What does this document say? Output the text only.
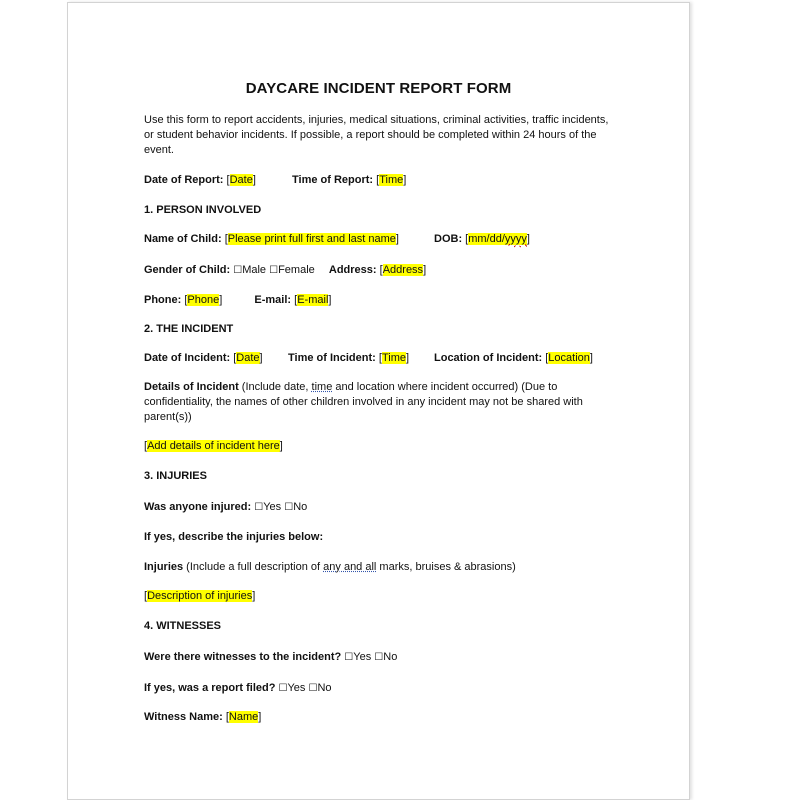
DAYCARE INCIDENT REPORT FORM
Use this form to report accidents, injuries, medical situations, criminal activities, traffic incidents, or student behavior incidents. If possible, a report should be completed within 24 hours of the event.
Date of Report: [Date]	Time of Report: [Time]
1. PERSON INVOLVED
Name of Child: [Please print full first and last name]	DOB: [mm/dd/yyyy]
Gender of Child: ☐Male ☐Female Address: [Address]
Phone: [Phone]	E-mail: [E-mail]
2. THE INCIDENT
Date of Incident: [Date] Time of Incident: [Time] Location of Incident: [Location]
Details of Incident (Include date, time and location where incident occurred) (Due to confidentiality, the names of other children involved in any incident may not be shared with parent(s))
[Add details of incident here]
3. INJURIES
Was anyone injured: ☐Yes ☐No
If yes, describe the injuries below:
Injuries (Include a full description of any and all marks, bruises & abrasions)
[Description of injuries]
4. WITNESSES
Were there witnesses to the incident? ☐Yes ☐No
If yes, was a report filed? ☐Yes ☐No
Witness Name: [Name]
